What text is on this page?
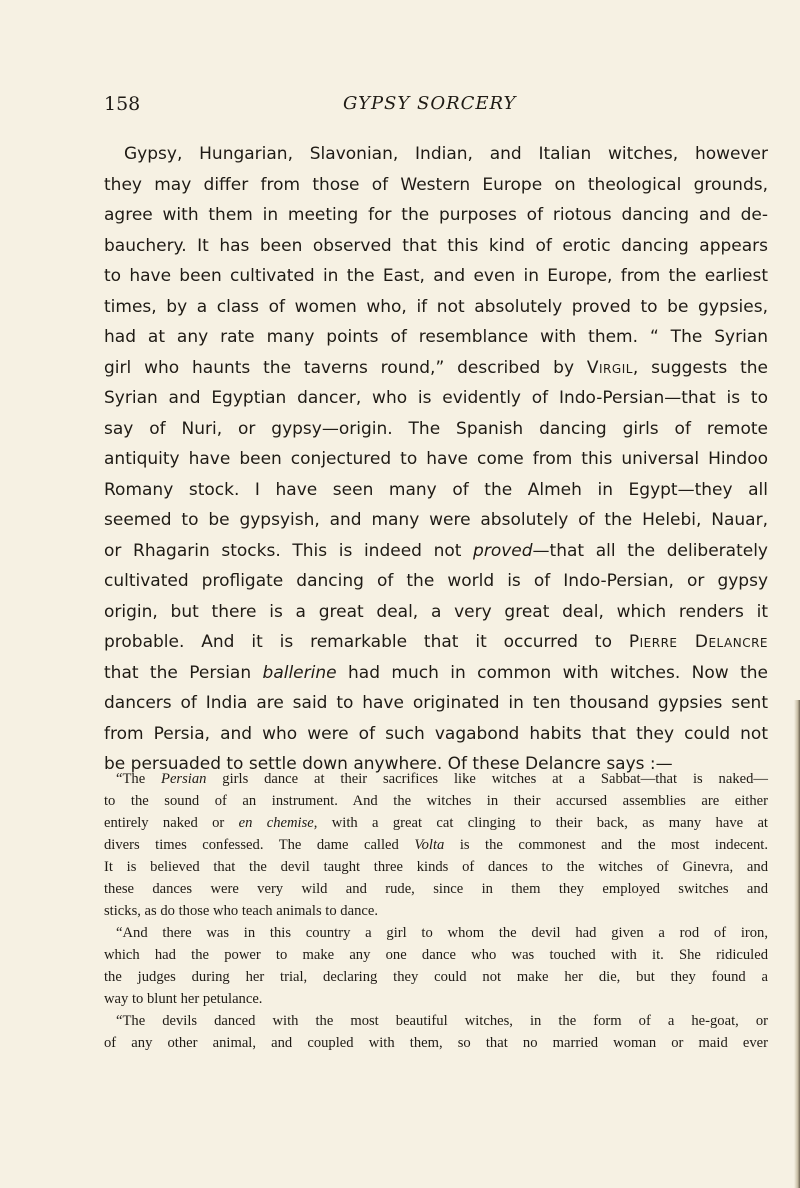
158	GYPSY SORCERY
Gypsy, Hungarian, Slavonian, Indian, and Italian witches, however
they may differ from those of Western Europe on theological grounds,
agree with them in meeting for the purposes of riotous dancing and de-
bauchery. It has been observed that this kind of erotic dancing appears
to have been cultivated in the East, and even in Europe, from the earliest
times, by a class of women who, if not absolutely proved to be gypsies,
had at any rate many points of resemblance with them. “ The Syrian
girl who haunts the taverns round,” described by Virgil, suggests the
Syrian and Egyptian dancer, who is evidently of Indo-Persian—that is to
say of Nuri, or gypsy—origin. The Spanish dancing girls of remote
antiquity have been conjectured to have come from this universal Hindoo
Romany stock. I have seen many of the Almeh in Egypt—they all
seemed to be gypsyish, and many were absolutely of the Helebi, Nauar,
or Rhagarin stocks. This is indeed not proved—that all the deliberately
cultivated profligate dancing of the world is of Indo-Persian, or gypsy
origin, but there is a great deal, a very great deal, which renders it
probable. And it is remarkable that it occurred to Pierre Delancre
that the Persian ballerine had much in common with witches. Now the
dancers of India are said to have originated in ten thousand gypsies sent
from Persia, and who were of such vagabond habits that they could not
be persuaded to settle down anywhere. Of these Delancre says :—
“The Persian girls dance at their sacrifices like witches at a Sabbat—that is naked—
to the sound of an instrument. And the witches in their accursed assemblies are either
entirely naked or en chemise, with a great cat clinging to their back, as many have at
divers times confessed. The dame called Volta is the commonest and the most indecent.
It is believed that the devil taught three kinds of dances to the witches of Ginevra, and
these dances were very wild and rude, since in them they employed switches and
sticks, as do those who teach animals to dance.
“And there was in this country a girl to whom the devil had given a rod of iron,
which had the power to make any one dance who was touched with it. She ridiculed
the judges during her trial, declaring they could not make her die, but they found a
way to blunt her petulance.
“The devils danced with the most beautiful witches, in the form of a he-goat, or
of any other animal, and coupled with them, so that no married woman or maid ever
